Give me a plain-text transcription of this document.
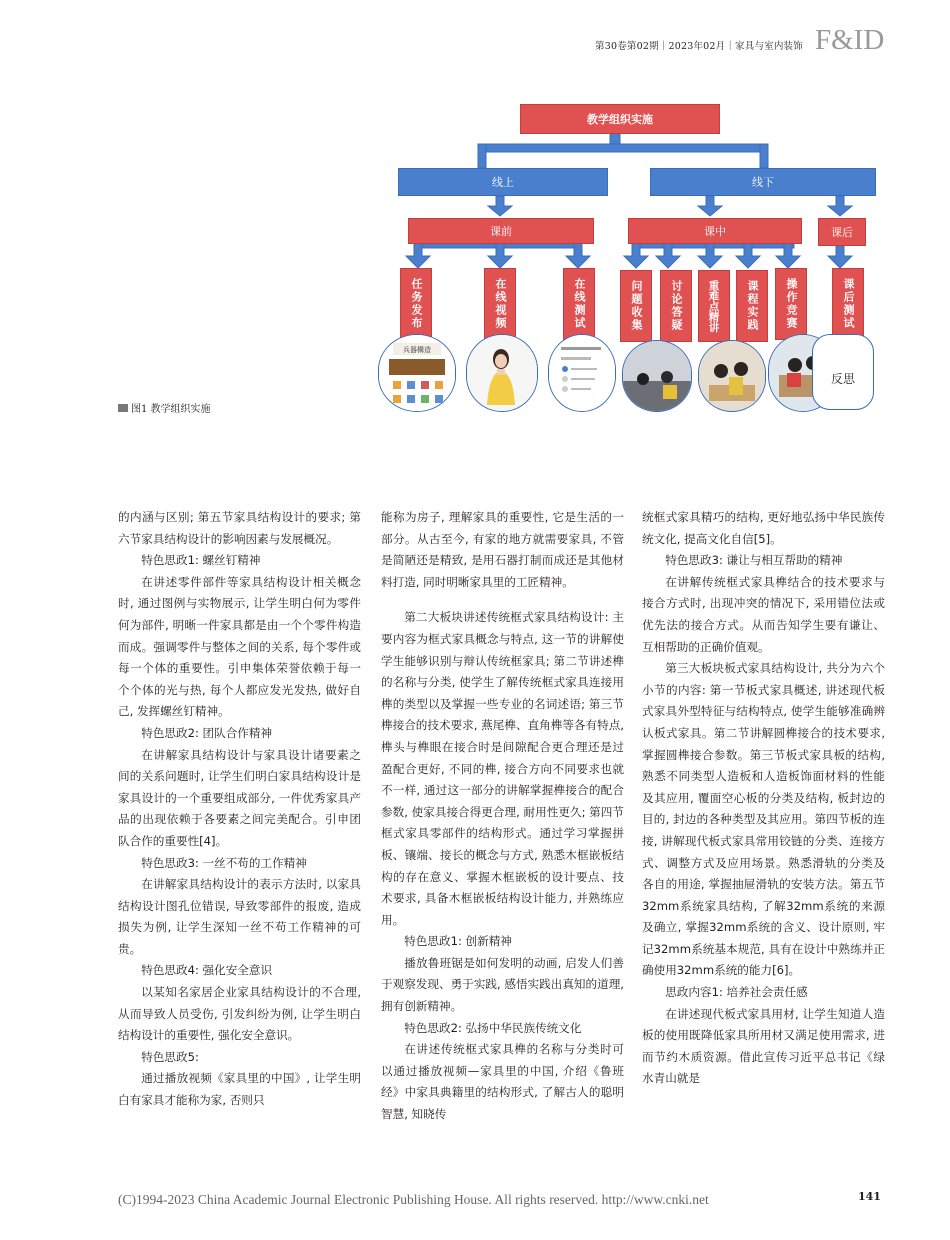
第30卷第02期｜2023年02月｜家具与室内装饰 F&ID
教学组织实施
线上	线下
课前	课中	课后
任务发布	在线视频	在线测试	问题收集	讨论答疑	重难点精讲	课程实践	操作竞赛	课后测试
兵器構造
反思
图1 教学组织实施

的内涵与区别; 第五节家具结构设计的要求; 第六节家具结构设计的影响因素与发展概况。

特色思政1: 螺丝钉精神

在讲述零件部件等家具结构设计相关概念时, 通过图例与实物展示, 让学生明白何为零件何为部件, 明晰一件家具都是由一个个零件构造而成。强调零件与整体之间的关系, 每个零件或每一个体的重要性。引申集体荣誉依赖于每一个个体的光与热, 每个人都应发光发热, 做好自己, 发挥螺丝钉精神。

特色思政2: 团队合作精神

在讲解家具结构设计与家具设计诸要素之间的关系问题时, 让学生们明白家具结构设计是家具设计的一个重要组成部分, 一件优秀家具产品的出现依赖于各要素之间完美配合。引申团队合作的重要性[4]。

特色思政3: 一丝不苟的工作精神

在讲解家具结构设计的表示方法时, 以家具结构设计图孔位错误, 导致零部件的报废, 造成损失为例, 让学生深知一丝不苟工作精神的可贵。

特色思政4: 强化安全意识

以某知名家居企业家具结构设计的不合理, 从而导致人员受伤, 引发纠纷为例, 让学生明白结构设计的重要性, 强化安全意识。

特色思政5:

通过播放视频《家具里的中国》, 让学生明白有家具才能称为家, 否则只

能称为房子, 理解家具的重要性, 它是生活的一部分。从古至今, 有家的地方就需要家具, 不管是简陋还是精致, 是用石器打制而成还是其他材料打造, 同时明晰家具里的工匠精神。

第二大板块讲述传统框式家具结构设计: 主要内容为框式家具概念与特点, 这一节的讲解使学生能够识别与辩认传统框家具; 第二节讲述榫的名称与分类, 使学生了解传统框式家具连接用榫的类型以及掌握一些专业的名词述语; 第三节榫接合的技术要求, 燕尾榫、直角榫等各有特点, 榫头与榫眼在接合时是间隙配合更合理还是过盈配合更好, 不同的榫, 接合方向不同要求也就不一样, 通过这一部分的讲解掌握榫接合的配合参数, 使家具接合得更合理, 耐用性更久; 第四节框式家具零部件的结构形式。通过学习掌握拼板、镶端、接长的概念与方式, 熟悉木框嵌板结构的存在意义、掌握木框嵌板的设计要点、技术要求, 具备木框嵌板结构设计能力, 并熟练应用。

特色思政1: 创新精神

播放鲁班锯是如何发明的动画, 启发人们善于观察发现、勇于实践, 感悟实践出真知的道理, 拥有创新精神。

特色思政2: 弘扬中华民族传统文化

在讲述传统框式家具榫的名称与分类时可以通过播放视频—家具里的中国, 介绍《鲁班经》中家具典籍里的结构形式, 了解古人的聪明智慧, 知晓传

统框式家具精巧的结构, 更好地弘扬中华民族传统文化, 提高文化自信[5]。

特色思政3: 谦让与相互帮助的精神

在讲解传统框式家具榫结合的技术要求与接合方式时, 出现冲突的情况下, 采用错位法或优先法的接合方式。从而告知学生要有谦让、互相帮助的正确价值观。

第三大板块板式家具结构设计, 共分为六个小节的内容: 第一节板式家具概述, 讲述现代板式家具外型特征与结构特点, 使学生能够准确辨认板式家具。第二节讲解圆榫接合的技术要求, 掌握圆榫接合参数。第三节板式家具板的结构, 熟悉不同类型人造板和人造板饰面材料的性能及其应用, 覆面空心板的分类及结构, 板封边的目的, 封边的各种类型及其应用。第四节板的连接, 讲解现代板式家具常用铰链的分类、连接方式、调整方式及应用场景。熟悉滑轨的分类及各自的用途, 掌握抽屉滑轨的安装方法。第五节32mm系统家具结构, 了解32mm系统的来源及确立, 掌握32mm系统的含义、设计原则, 牢记32mm系统基本规范, 具有在设计中熟练并正确使用32mm系统的能力[6]。

思政内容1: 培养社会责任感

在讲述现代板式家具用材, 让学生知道人造板的使用既降低家具所用材又满足使用需求, 进而节约木质资源。借此宣传习近平总书记《绿水青山就是

(C)1994-2023 China Academic Journal Electronic Publishing House. All rights reserved. http://www.cnki.net	141
